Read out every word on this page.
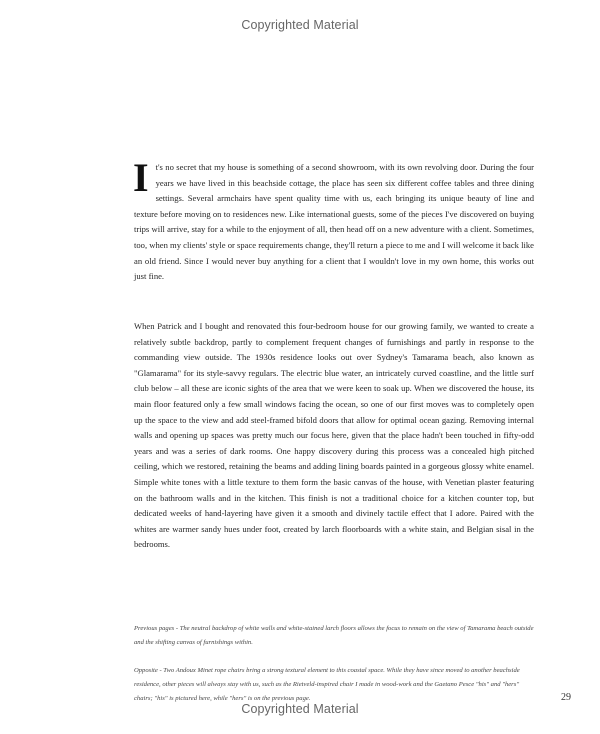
Copyrighted Material
It's no secret that my house is something of a second showroom, with its own revolving door. During the four years we have lived in this beachside cottage, the place has seen six different coffee tables and three dining settings. Several armchairs have spent quality time with us, each bringing its unique beauty of line and texture before moving on to residences new. Like international guests, some of the pieces I've discovered on buying trips will arrive, stay for a while to the enjoyment of all, then head off on a new adventure with a client. Sometimes, too, when my clients' style or space requirements change, they'll return a piece to me and I will welcome it back like an old friend. Since I would never buy anything for a client that I wouldn't love in my own home, this works out just fine.
When Patrick and I bought and renovated this four-bedroom house for our growing family, we wanted to create a relatively subtle backdrop, partly to complement frequent changes of furnishings and partly in response to the commanding view outside. The 1930s residence looks out over Sydney's Tamarama beach, also known as "Glamarama" for its style-savvy regulars. The electric blue water, an intricately curved coastline, and the little surf club below – all these are iconic sights of the area that we were keen to soak up. When we discovered the house, its main floor featured only a few small windows facing the ocean, so one of our first moves was to completely open up the space to the view and add steel-framed bifold doors that allow for optimal ocean gazing. Removing internal walls and opening up spaces was pretty much our focus here, given that the place hadn't been touched in fifty-odd years and was a series of dark rooms. One happy discovery during this process was a concealed high pitched ceiling, which we restored, retaining the beams and adding lining boards painted in a gorgeous glossy white enamel. Simple white tones with a little texture to them form the basic canvas of the house, with Venetian plaster featuring on the bathroom walls and in the kitchen. This finish is not a traditional choice for a kitchen counter top, but dedicated weeks of hand-layering have given it a smooth and divinely tactile effect that I adore. Paired with the whites are warmer sandy hues under foot, created by larch floorboards with a white stain, and Belgian sisal in the bedrooms.
Previous pages - The neutral backdrop of white walls and white-stained larch floors allows the focus to remain on the view of Tamarama beach outside and the shifting canvas of furnishings within.
Opposite - Two Andoux Minet rope chairs bring a strong textural element to this coastal space. While they have since moved to another beachside residence, other pieces will always stay with us, such as the Rietveld-inspired chair I made in wood-work and the Gaetano Pesce "his" and "hers" chairs; "his" is pictured here, while "hers" is on the previous page.	29
Copyrighted Material
